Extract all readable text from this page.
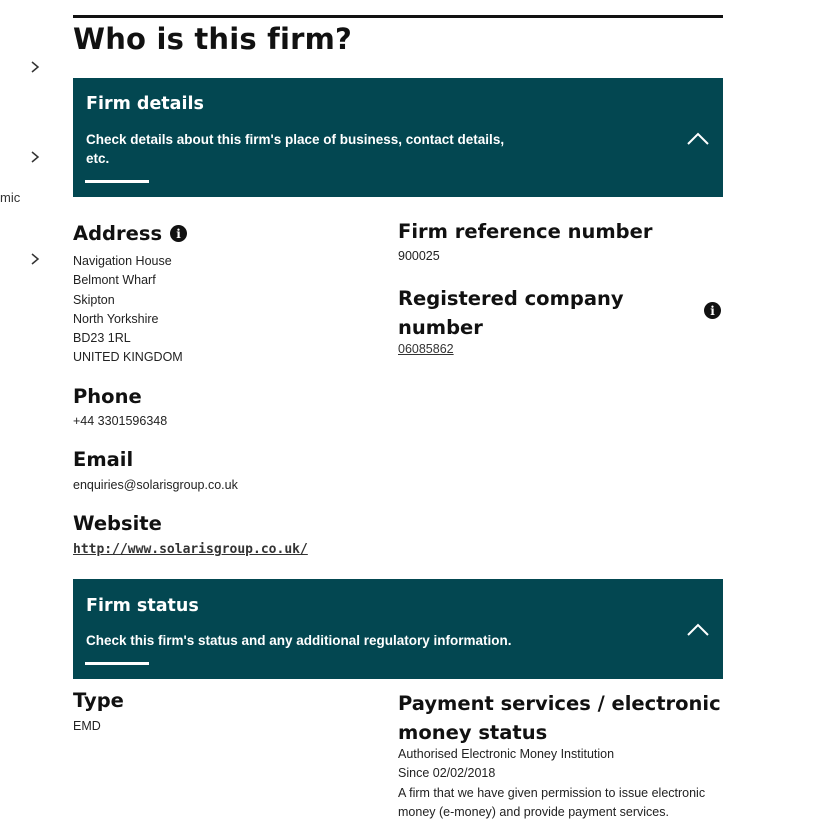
mic
Who is this firm?
Firm details

Check details about this firm's place of business, contact details,
etc.

Address	i
Navigation House
Belmont Wharf
Skipton
North Yorkshire
BD23 1RL
UNITED KINGDOM
Phone
+44 3301596348
Email
enquiries@solarisgroup.co.uk
Website
http://www.solarisgroup.co.uk/
Firm reference number
900025
Registered company
number
i
06085862
Firm status

Check this firm's status and any additional regulatory information.

Type
EMD
Payment services / electronic
money status
Authorised Electronic Money Institution
Since 02/02/2018
A firm that we have given permission to issue electronic
money (e-money) and provide payment services.
